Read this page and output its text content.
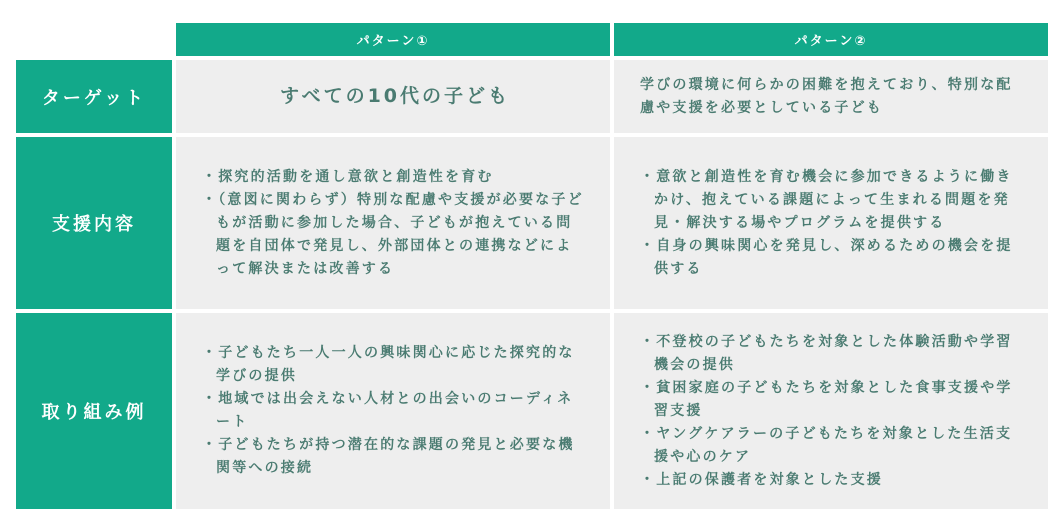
パターン①	パターン②
ターゲット	すべての10代の子ども
学びの環境に何らかの困難を抱えており、特別な配慮や支援を必要としている子ども
支援内容
・ 探究的活動を通し意欲と創造性を育む
・ （意図に関わらず）特別な配慮や支援が必要な子どもが活動に参加した場合、子どもが抱えている問題を自団体で発見し、外部団体との連携などによって解決または改善する
・ 意欲と創造性を育む機会に参加できるように働きかけ、抱えている課題によって生まれる問題を発見・解決する場やプログラムを提供する
・ 自身の興味関心を発見し、深めるための機会を提供する
取り組み例
・ 子どもたち一人一人の興味関心に応じた探究的な学びの提供
・ 地域では出会えない人材との出会いのコーディネート
・ 子どもたちが持つ潜在的な課題の発見と必要な機関等への接続
・ 不登校の子どもたちを対象とした体験活動や学習機会の提供
・ 貧困家庭の子どもたちを対象とした食事支援や学習支援
・ ヤングケアラーの子どもたちを対象とした生活支援や心のケア
・ 上記の保護者を対象とした支援
